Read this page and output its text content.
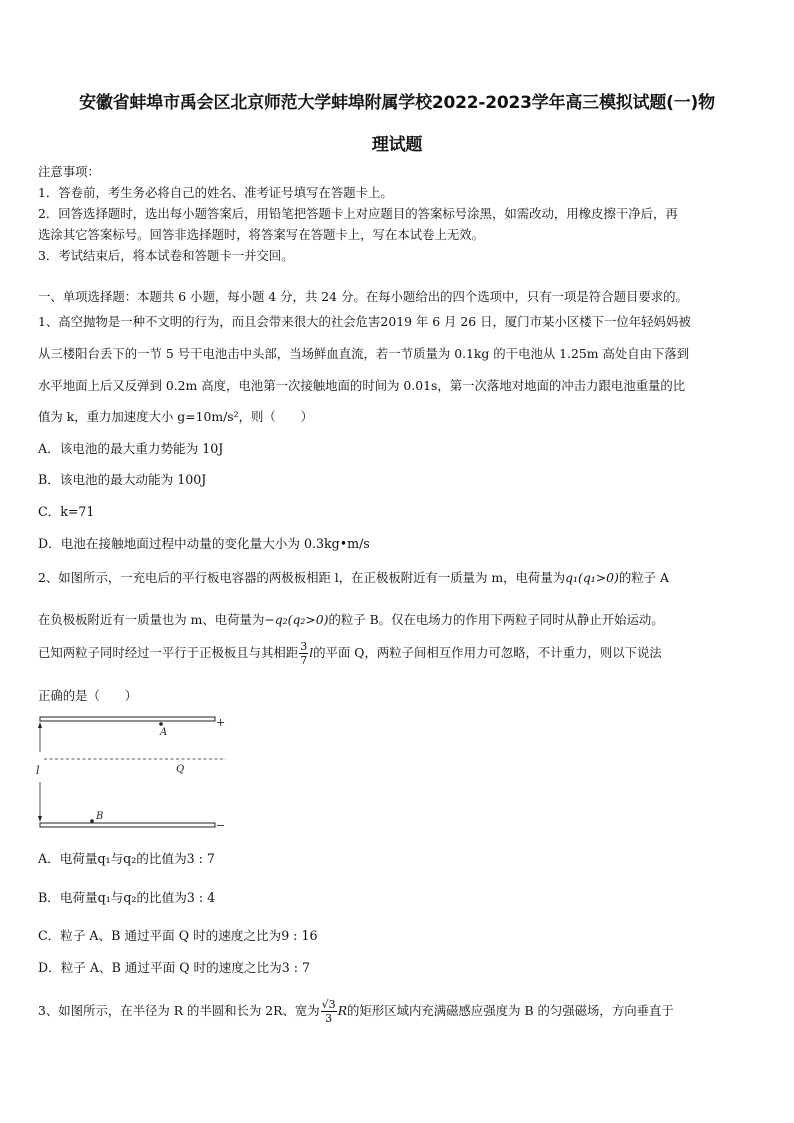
安徽省蚌埠市禹会区北京师范大学蚌埠附属学校2022-2023学年高三模拟试题(一)物
理试题
注意事项：
1．答卷前，考生务必将自己的姓名、准考证号填写在答题卡上。
2．回答选择题时，选出每小题答案后，用铅笔把答题卡上对应题目的答案标号涂黑，如需改动，用橡皮擦干净后，再
选涂其它答案标号。回答非选择题时，将答案写在答题卡上，写在本试卷上无效。
3．考试结束后，将本试卷和答题卡一并交回。
一、单项选择题：本题共 6 小题，每小题 4 分，共 24 分。在每小题给出的四个选项中，只有一项是符合题目要求的。
1、高空抛物是一种不文明的行为，而且会带来很大的社会危害2019 年 6 月 26 日，厦门市某小区楼下一位年轻妈妈被
从三楼阳台丢下的一节 5 号干电池击中头部，当场鲜血直流，若一节质量为 0.1kg 的干电池从 1.25m 高处自由下落到
水平地面上后又反弹到 0.2m 高度，电池第一次接触地面的时间为 0.01s，第一次落地对地面的冲击力跟电池重量的比
值为 k，重力加速度大小 g=10m/s²，则（　　）
A．该电池的最大重力势能为 10J
B．该电池的最大动能为 100J
C．k=71
D．电池在接触地面过程中动量的变化量大小为 0.3kg•m/s
2、如图所示，一充电后的平行板电容器的两极板相距 l，在正极板附近有一质量为 m，电荷量为q₁(q₁>0)的粒子 A
在负极板附近有一质量也为 m、电荷量为−q₂(q₂>0)的粒子 B。仅在电场力的作用下两粒子同时从静止开始运动。
已知两粒子同时经过一平行于正极板且与其相距 $\frac{3}{7}$ l的平面 Q，两粒子间相互作用力可忽略，不计重力，则以下说法
正确的是（　　）
+
A
l	Q
B
−
A．电荷量q₁与q₂的比值为3 : 7
B．电荷量q₁与q₂的比值为3 : 4
C．粒子 A、B 通过平面 Q 时的速度之比为9 : 16
D．粒子 A、B 通过平面 Q 时的速度之比为3 : 7
3、如图所示，在半径为 R 的半圆和长为 2R、宽为 $\frac{√3}{3}$ R的矩形区域内充满磁感应强度为 B 的匀强磁场，方向垂直于
